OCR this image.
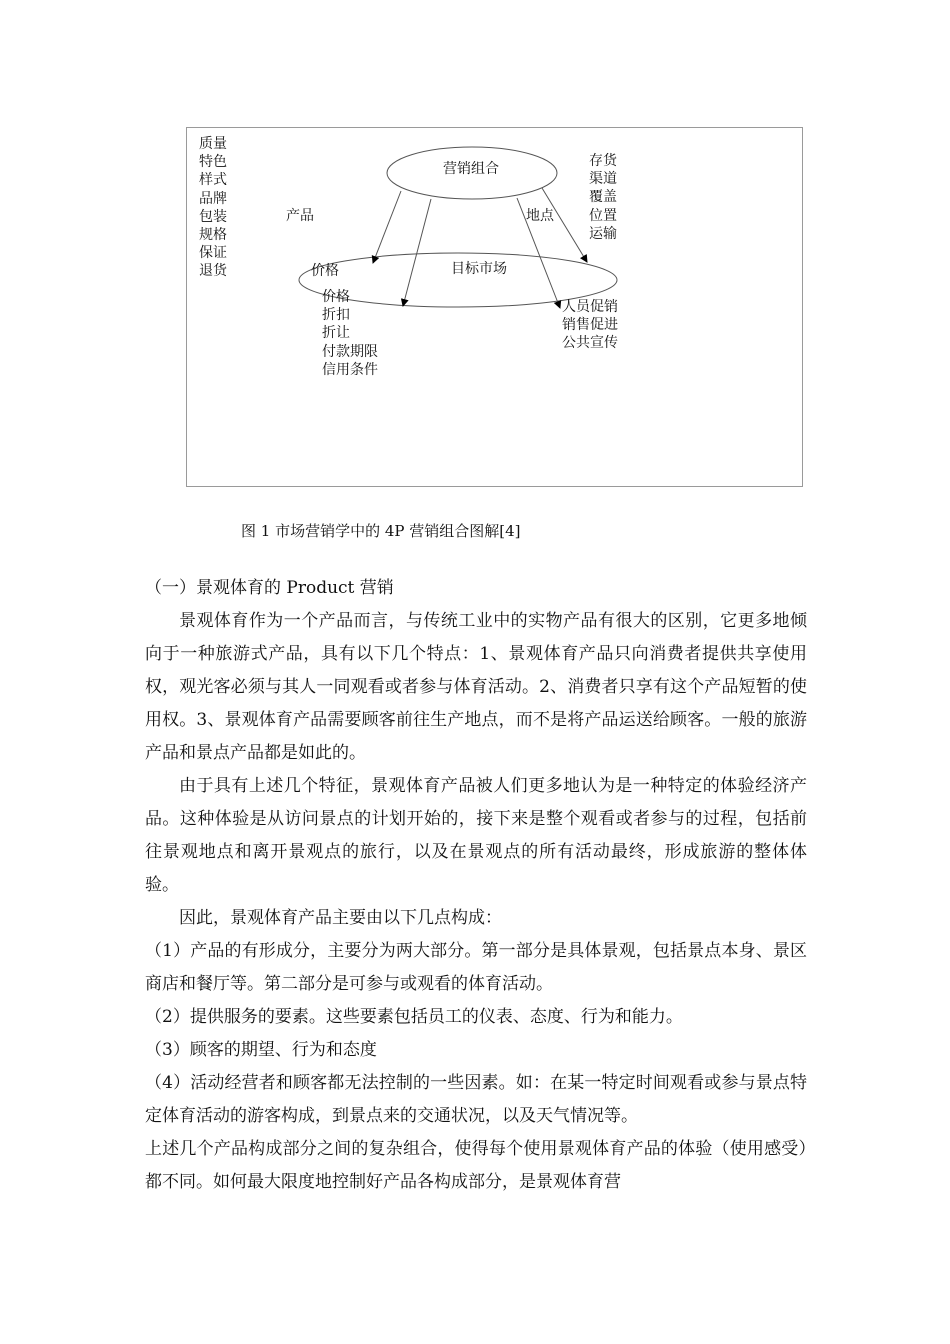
质量
特色
样式
品牌
包装
规格
保证
退货
存货
渠道
覆盖
位置
运输
价格
折扣
折让
付款期限
信用条件
人员促销
销售促进
公共宣传
产品	地点
价格
营销组合
目标市场
图 1 市场营销学中的 4P 营销组合图解[4]

（一）景观体育的 Product 营销

景观体育作为一个产品而言，与传统工业中的实物产品有很大的区别，它更多地倾向于一种旅游式产品，具有以下几个特点：1、景观体育产品只向消费者提供共享使用权，观光客必须与其人一同观看或者参与体育活动。2、消费者只享有这个产品短暂的使用权。3、景观体育产品需要顾客前往生产地点，而不是将产品运送给顾客。一般的旅游产品和景点产品都是如此的。

由于具有上述几个特征，景观体育产品被人们更多地认为是一种特定的体验经济产品。这种体验是从访问景点的计划开始的，接下来是整个观看或者参与的过程，包括前往景观地点和离开景观点的旅行，以及在景观点的所有活动最终，形成旅游的整体体验。

因此，景观体育产品主要由以下几点构成：

（1）产品的有形成分，主要分为两大部分。第一部分是具体景观，包括景点本身、景区商店和餐厅等。第二部分是可参与或观看的体育活动。

（2）提供服务的要素。这些要素包括员工的仪表、态度、行为和能力。

（3）顾客的期望、行为和态度

（4）活动经营者和顾客都无法控制的一些因素。如：在某一特定时间观看或参与景点特定体育活动的游客构成，到景点来的交通状况，以及天气情况等。

上述几个产品构成部分之间的复杂组合，使得每个使用景观体育产品的体验（使用感受）都不同。如何最大限度地控制好产品各构成部分，是景观体育营
